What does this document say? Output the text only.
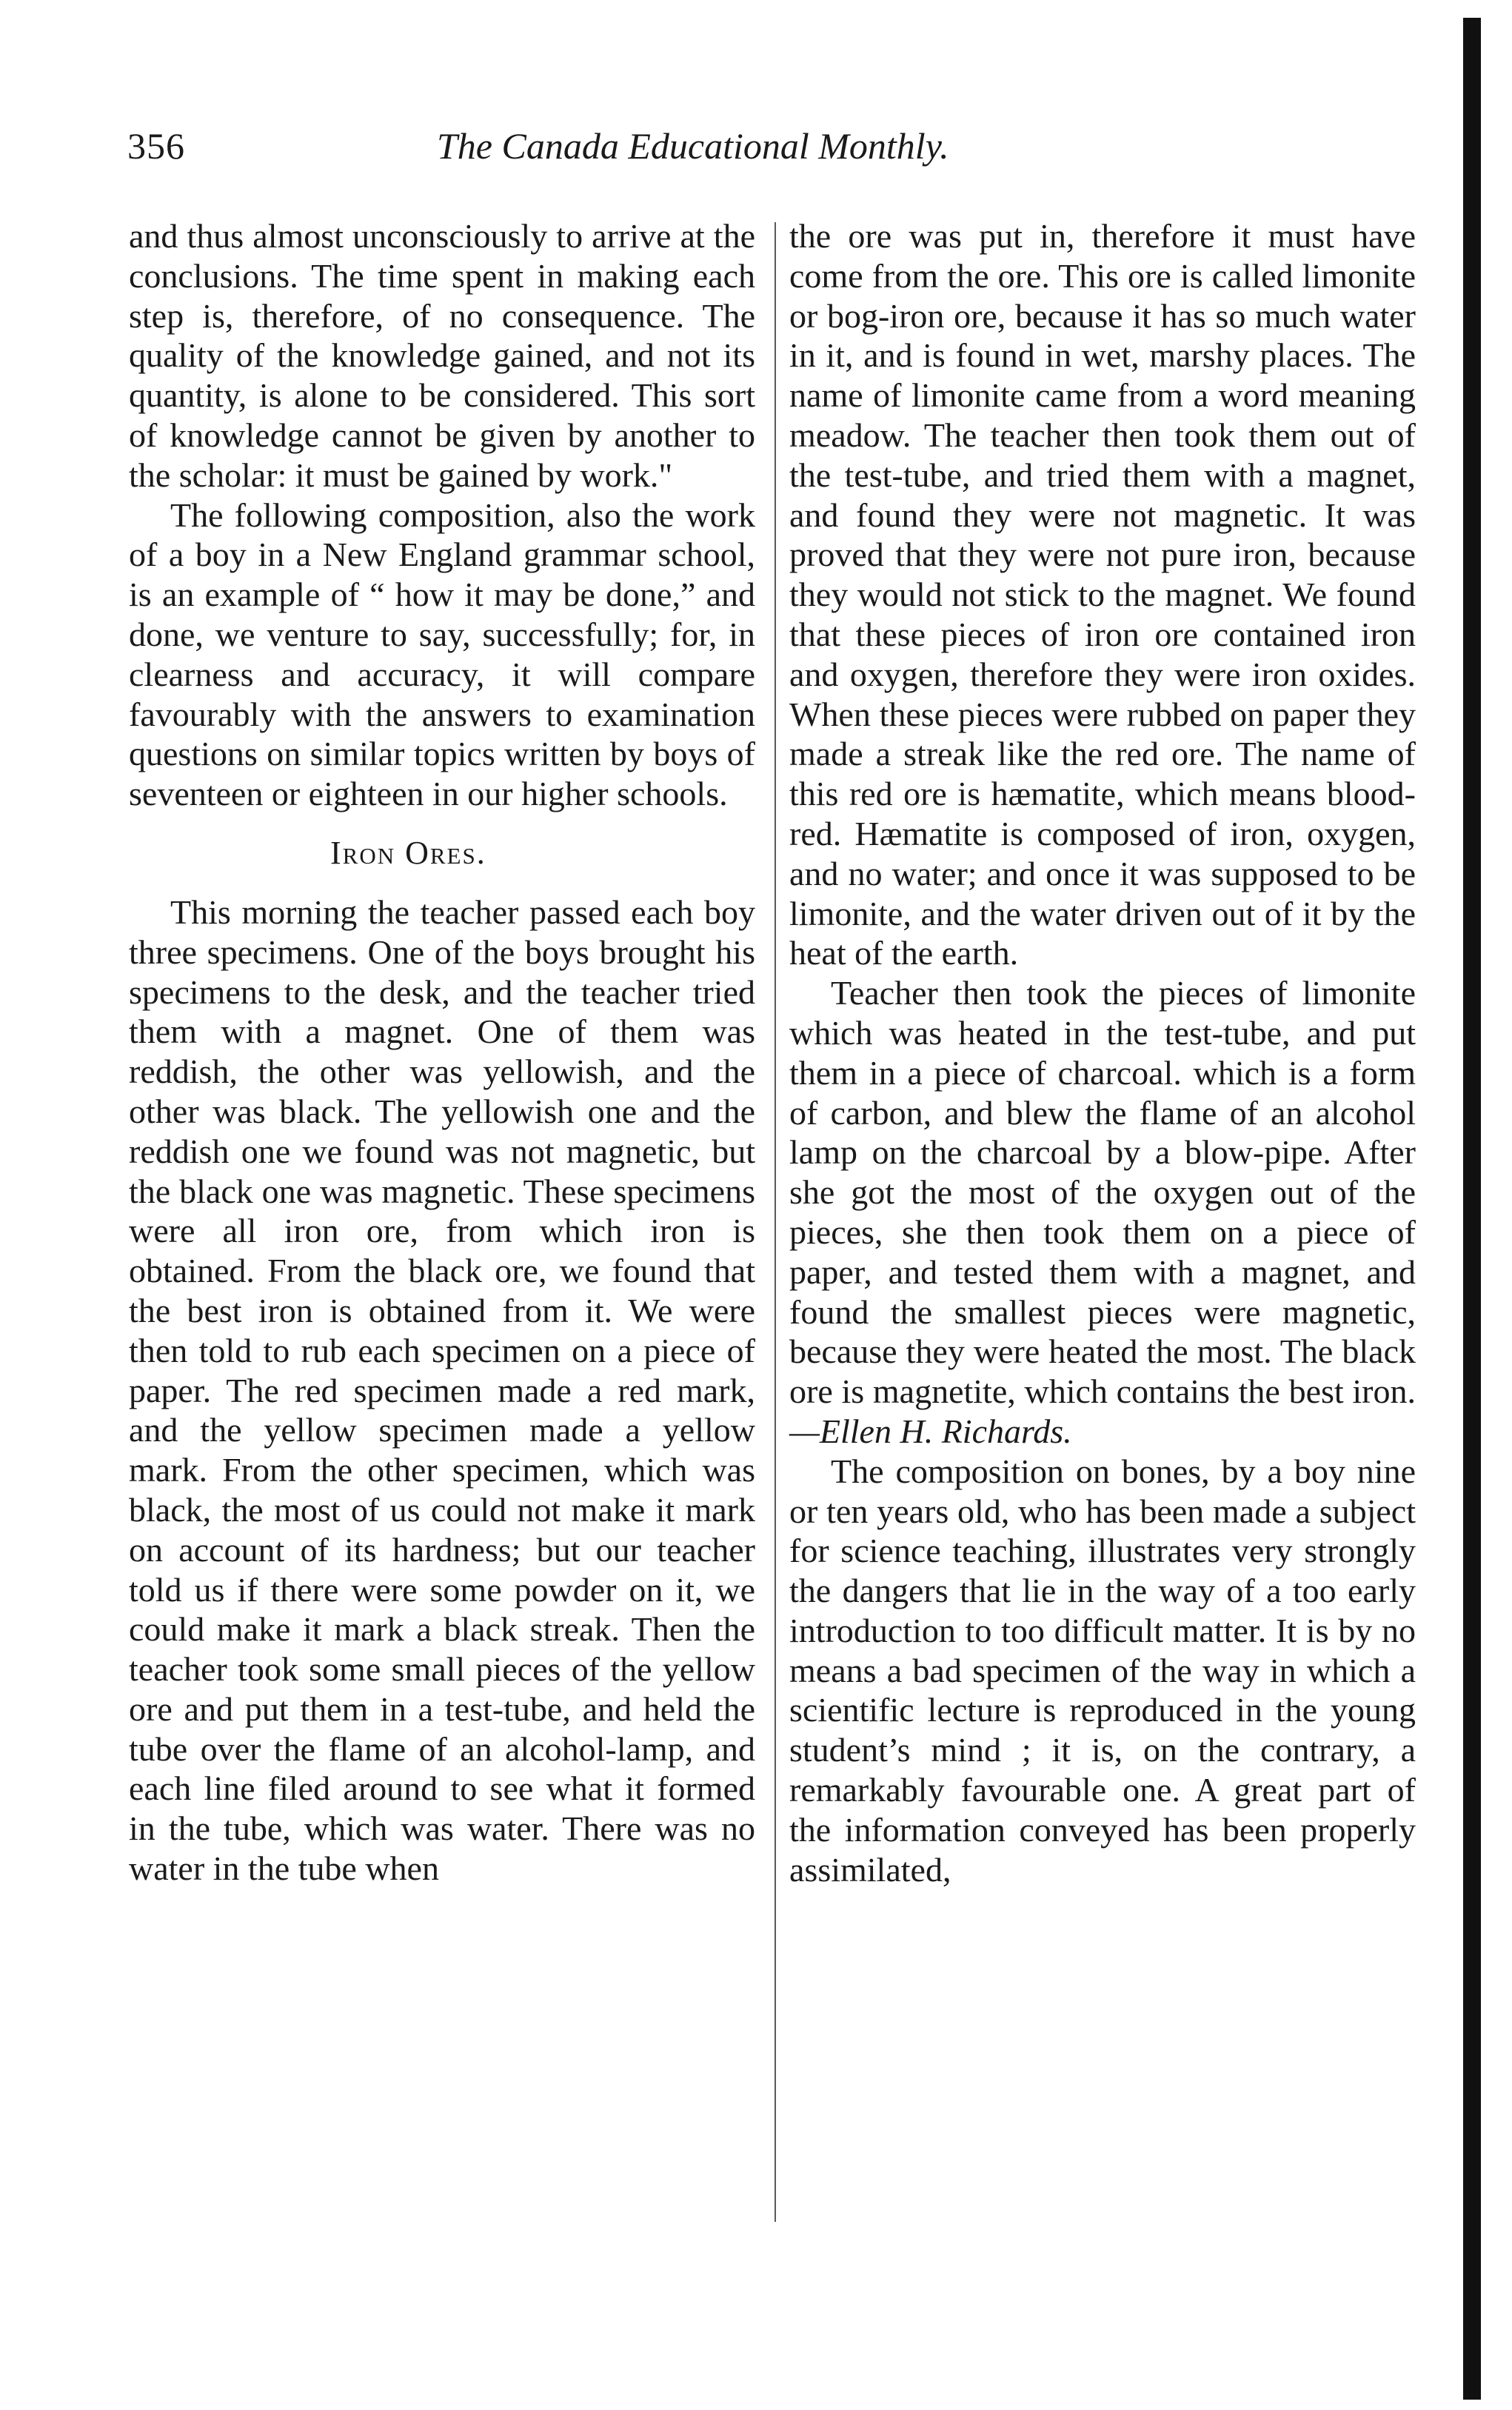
356	The Canada Educational Monthly.

and thus almost unconsciously to arrive at the conclusions. The time spent in making each step is, therefore, of no consequence. The quality of the knowledge gained, and not its quantity, is alone to be considered. This sort of knowledge cannot be given by another to the scholar: it must be gained by work."

The following composition, also the work of a boy in a New England grammar school, is an example of “ how it may be done,” and done, we venture to say, successfully; for, in clearness and accuracy, it will compare favourably with the answers to examination questions on similar topics written by boys of seventeen or eighteen in our higher schools.

Iron Ores.

This morning the teacher passed each boy three specimens. One of the boys brought his specimens to the desk, and the teacher tried them with a magnet. One of them was reddish, the other was yellowish, and the other was black. The yellowish one and the reddish one we found was not magnetic, but the black one was magnetic. These specimens were all iron ore, from which iron is obtained. From the black ore, we found that the best iron is obtained from it. We were then told to rub each specimen on a piece of paper. The red specimen made a red mark, and the yellow specimen made a yellow mark. From the other specimen, which was black, the most of us could not make it mark on account of its hardness; but our teacher told us if there were some powder on it, we could make it mark a black streak. Then the teacher took some small pieces of the yellow ore and put them in a test-tube, and held the tube over the flame of an alcohol-lamp, and each line filed around to see what it formed in the tube, which was water. There was no water in the tube when

the ore was put in, therefore it must have come from the ore. This ore is called limonite or bog-iron ore, because it has so much water in it, and is found in wet, marshy places. The name of limonite came from a word meaning meadow. The teacher then took them out of the test-tube, and tried them with a magnet, and found they were not magnetic. It was proved that they were not pure iron, because they would not stick to the magnet. We found that these pieces of iron ore contained iron and oxygen, therefore they were iron oxides. When these pieces were rubbed on paper they made a streak like the red ore. The name of this red ore is hæmatite, which means blood-red. Hæmatite is composed of iron, oxygen, and no water; and once it was supposed to be limonite, and the water driven out of it by the heat of the earth.

Teacher then took the pieces of limonite which was heated in the test-tube, and put them in a piece of charcoal. which is a form of carbon, and blew the flame of an alcohol lamp on the charcoal by a blow-pipe. After she got the most of the oxygen out of the pieces, she then took them on a piece of paper, and tested them with a magnet, and found the smallest pieces were magnetic, because they were heated the most. The black ore is magnetite, which contains the best iron.—Ellen H. Richards.

The composition on bones, by a boy nine or ten years old, who has been made a subject for science teaching, illustrates very strongly the dangers that lie in the way of a too early introduction to too difficult matter. It is by no means a bad specimen of the way in which a scientific lecture is reproduced in the young student’s mind ; it is, on the contrary, a remarkably favourable one. A great part of the information conveyed has been properly assimilated,
